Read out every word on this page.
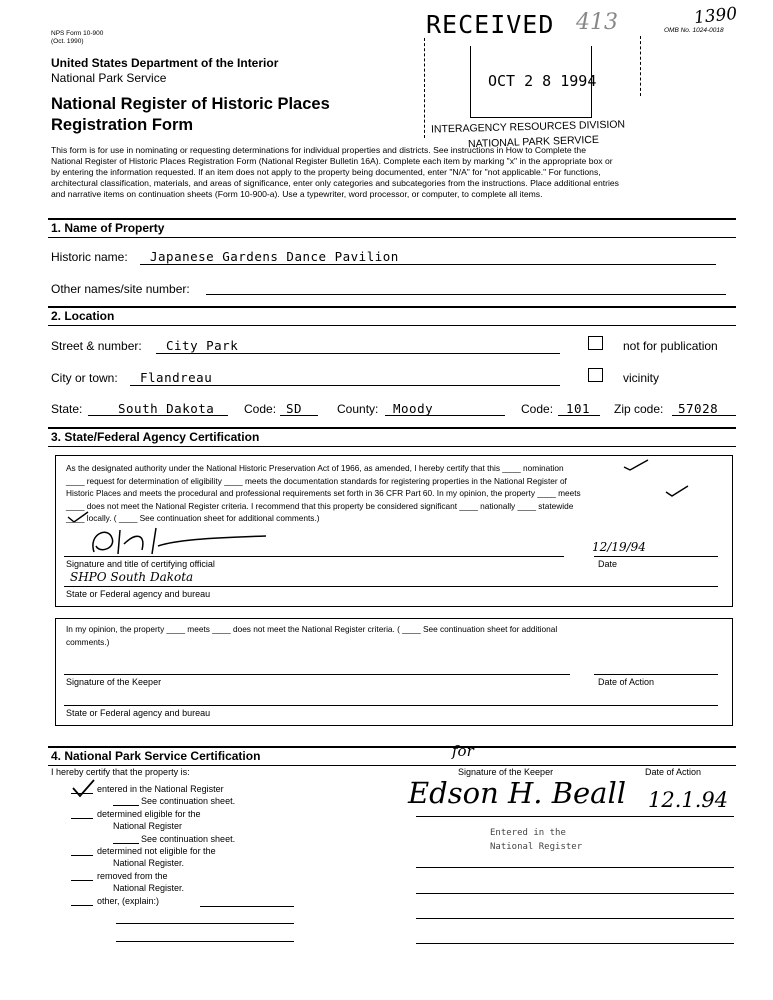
NPS Form 10-900
(Oct. 1990)
OMB No. 1024-0018
1390
United States Department of the Interior
National Park Service
National Register of Historic Places
Registration Form
RECEIVED 413
OCT 2 8 1994
INTERAGENCY RESOURCES DIVISION
NATIONAL PARK SERVICE
This form is for use in nominating or requesting determinations for individual properties and districts. See instructions in How to Complete the
National Register of Historic Places Registration Form (National Register Bulletin 16A). Complete each item by marking "x" in the appropriate box or
by entering the information requested. If an item does not apply to the property being documented, enter "N/A" for "not applicable." For functions,
architectural classification, materials, and areas of significance, enter only categories and subcategories from the instructions. Place additional entries
and narrative items on continuation sheets (Form 10-900-a). Use a typewriter, word processor, or computer, to complete all items.
1. Name of Property
Historic name: Japanese Gardens Dance Pavilion
Other names/site number:
2. Location
Street & number: City Park	not for publication
City or town: Flandreau	vicinity
State:	South Dakota Code: SD	County: Moody	Code: 101 Zip code: 57028
3. State/Federal Agency Certification
As the designated authority under the National Historic Preservation Act of 1966, as amended, I hereby certify that this ____ nomination
____ request for determination of eligibility ____ meets the documentation standards for registering properties in the National Register of
Historic Places and meets the procedural and professional requirements set forth in 36 CFR Part 60. In my opinion, the property ____ meets
____ does not meet the National Register criteria. I recommend that this property be considered significant ____ nationally ____ statewide
____ locally. ( ____ See continuation sheet for additional comments.)
12/19/94
Signature and title of certifying official	Date
SHPO South Dakota
State or Federal agency and bureau
In my opinion, the property ____ meets ____ does not meet the National Register criteria. ( ____ See continuation sheet for additional
comments.)
Signature of the Keeper	Date of Action
State or Federal agency and bureau
4. National Park Service Certification
I hereby certify that the property is:
entered in the National Register
See continuation sheet.
determined eligible for the
National Register
See continuation sheet.
determined not eligible for the
National Register.
removed from the
National Register.
other, (explain:)
for
Signature of the Keeper	Date of Action
Edson H. Beall 12.1.94
Entered in the
National Register
